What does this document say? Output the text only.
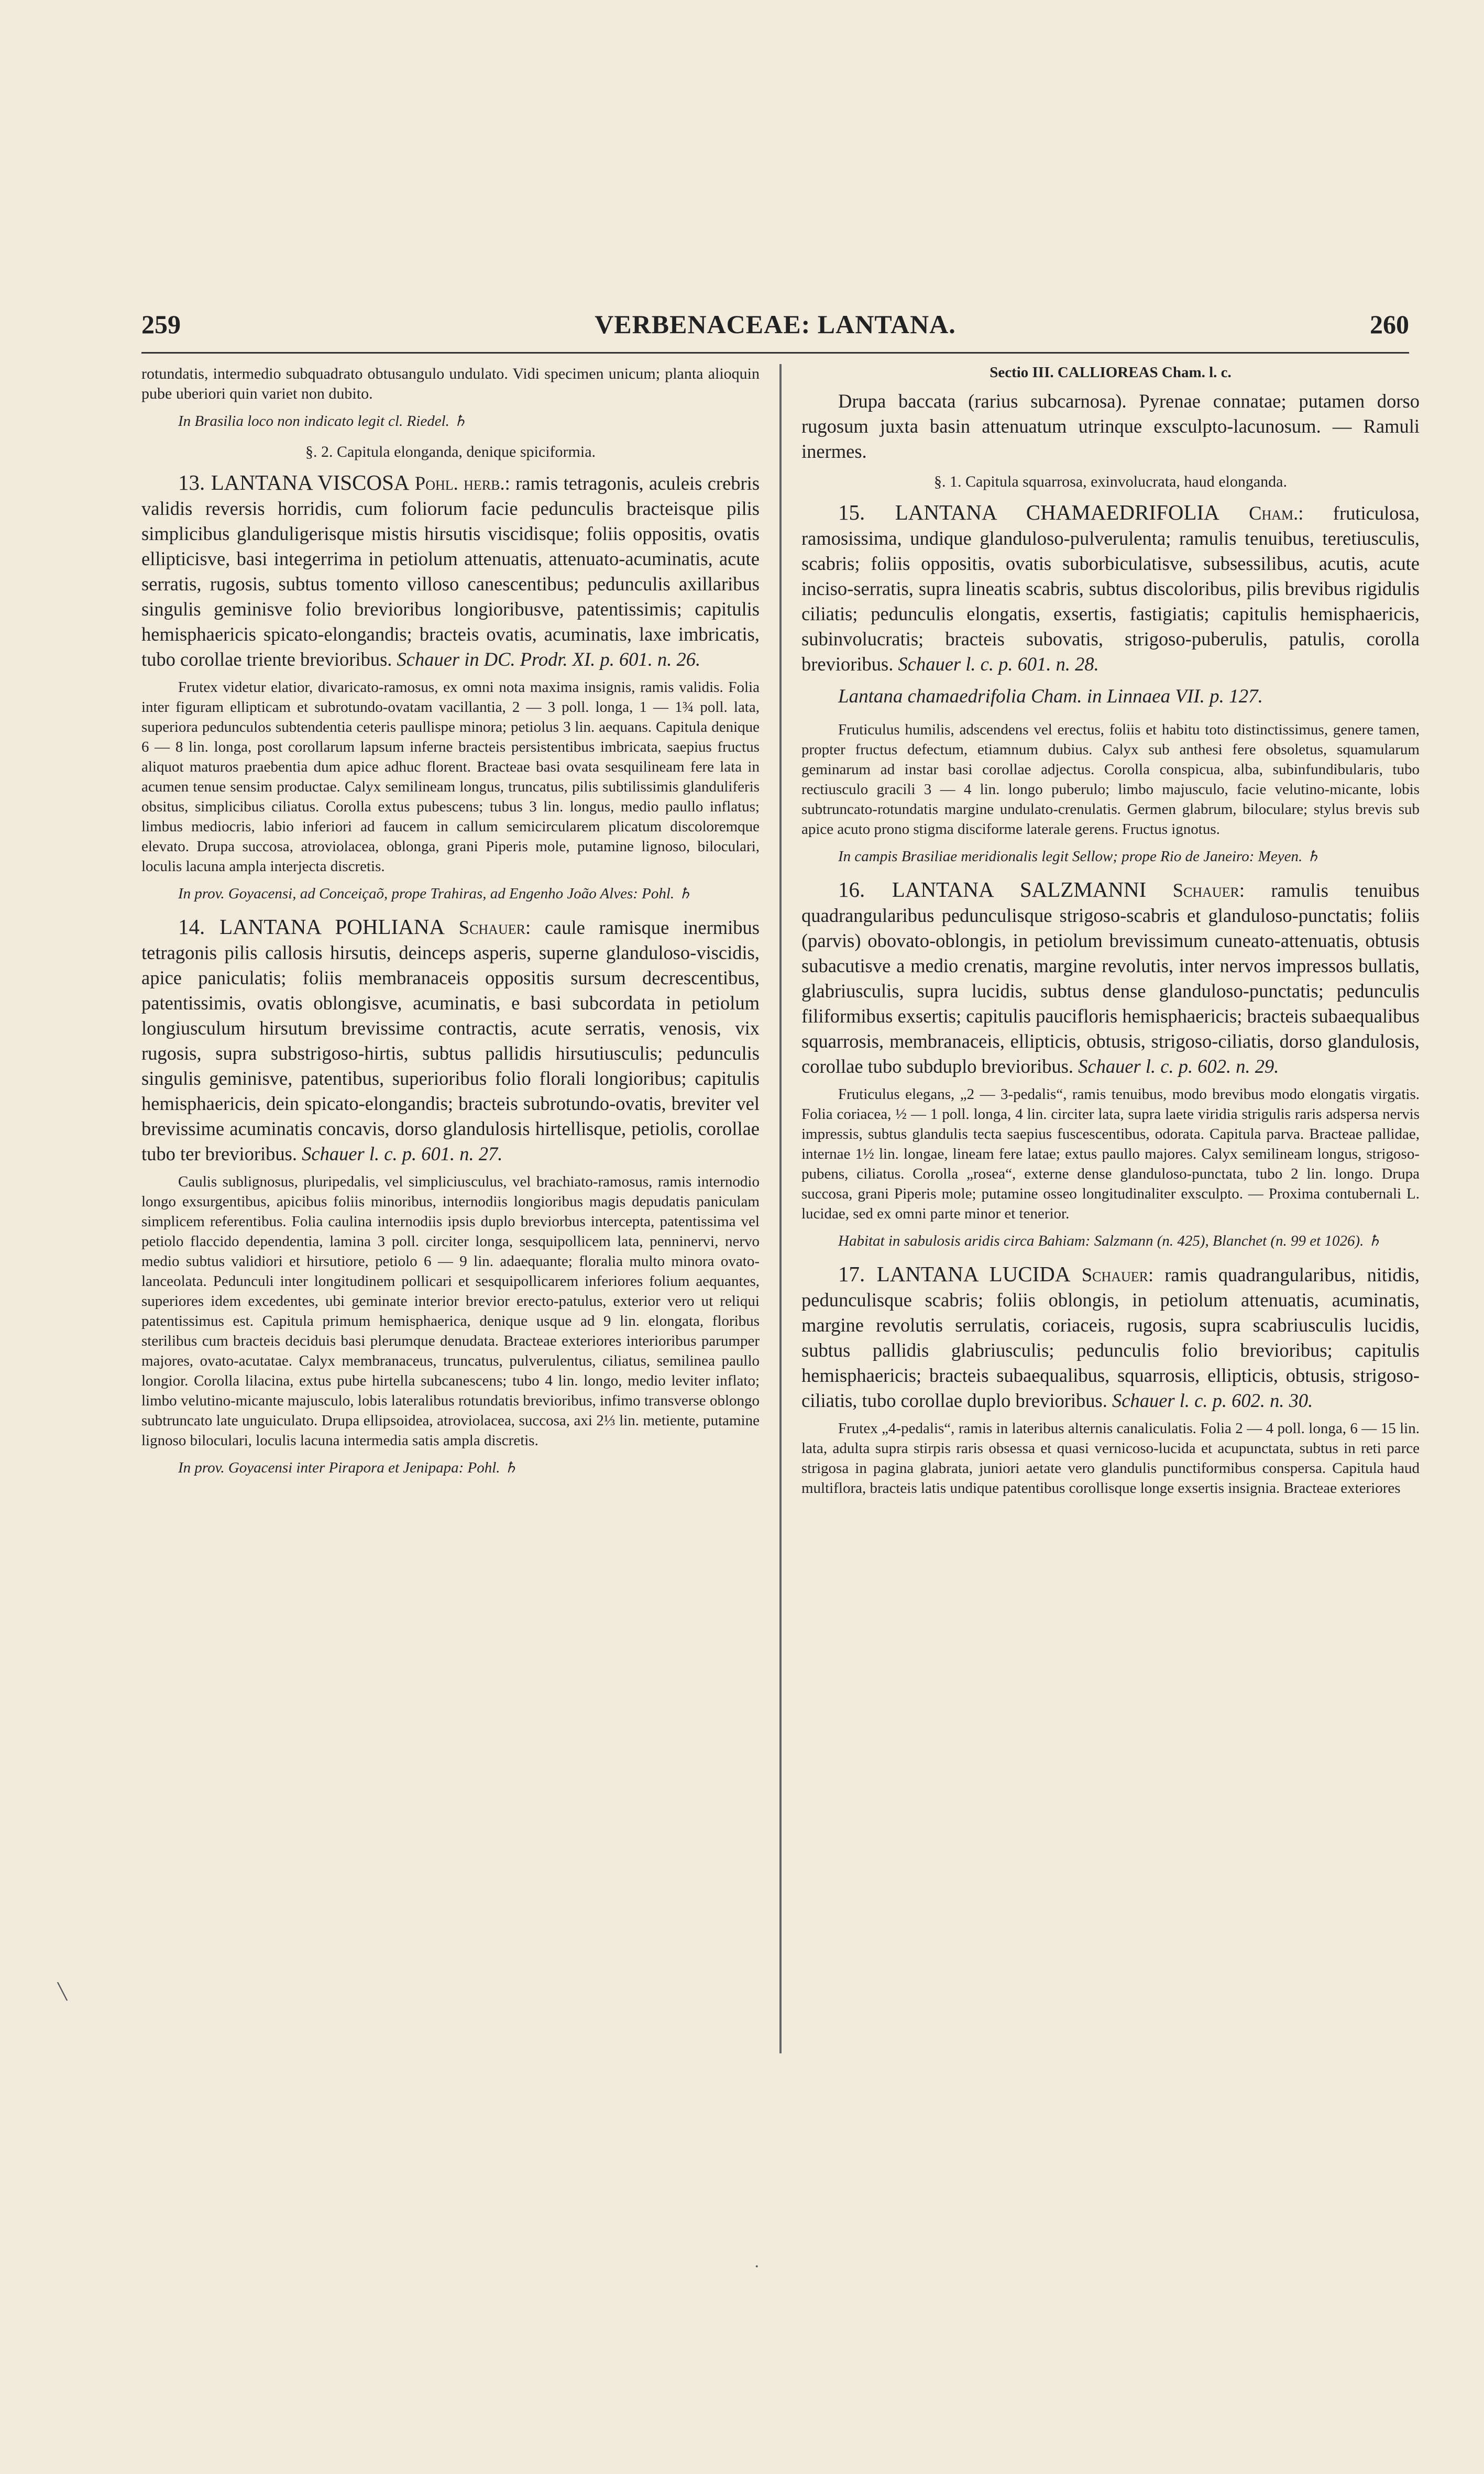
259	VERBENACEAE: LANTANA.	260

rotundatis, intermedio subquadrato obtusangulo undulato. Vidi specimen unicum; planta alioquin pube uberiori quin variet non dubito.

In Brasilia loco non indicato legit cl. Riedel. ♄

§. 2. Capitula elonganda, denique spiciformia.

13. LANTANA VISCOSA Pohl. herb.: ramis tetragonis, aculeis crebris validis reversis horridis, cum foliorum facie pedunculis bracteisque pilis simplicibus glanduligerisque mistis hirsutis viscidisque; foliis oppositis, ovatis ellipticisve, basi integerrima in petiolum attenuatis, attenuato-acuminatis, acute serratis, rugosis, subtus tomento villoso canescentibus; pedunculis axillaribus singulis geminisve folio brevioribus longioribusve, patentissimis; capitulis hemisphaericis spicato-elongandis; bracteis ovatis, acuminatis, laxe imbricatis, tubo corollae triente brevioribus. Schauer in DC. Prodr. XI. p. 601. n. 26.

Frutex videtur elatior, divaricato-ramosus, ex omni nota maxima insignis, ramis validis. Folia inter figuram ellipticam et subrotundo-ovatam vacillantia, 2 — 3 poll. longa, 1 — 1¾ poll. lata, superiora pedunculos subtendentia ceteris paullispe minora; petiolus 3 lin. aequans. Capitula denique 6 — 8 lin. longa, post corollarum lapsum inferne bracteis persistentibus imbricata, saepius fructus aliquot maturos praebentia dum apice adhuc florent. Bracteae basi ovata sesquilineam fere lata in acumen tenue sensim productae. Calyx semilineam longus, truncatus, pilis subtilissimis glanduliferis obsitus, simplicibus ciliatus. Corolla extus pubescens; tubus 3 lin. longus, medio paullo inflatus; limbus mediocris, labio inferiori ad faucem in callum semicircularem plicatum discoloremque elevato. Drupa succosa, atroviolacea, oblonga, grani Piperis mole, putamine lignoso, biloculari, loculis lacuna ampla interjecta discretis.

In prov. Goyacensi, ad Conceiçaõ, prope Trahiras, ad Engenho João Alves: Pohl. ♄

14. LANTANA POHLIANA Schauer: caule ramisque inermibus tetragonis pilis callosis hirsutis, deinceps asperis, superne glanduloso-viscidis, apice paniculatis; foliis membranaceis oppositis sursum decrescentibus, patentissimis, ovatis oblongisve, acuminatis, e basi subcordata in petiolum longiusculum hirsutum brevissime contractis, acute serratis, venosis, vix rugosis, supra substrigoso-hirtis, subtus pallidis hirsutiusculis; pedunculis singulis geminisve, patentibus, superioribus folio florali longioribus; capitulis hemisphaericis, dein spicato-elongandis; bracteis subrotundo-ovatis, breviter vel brevissime acuminatis concavis, dorso glandulosis hirtellisque, petiolis, corollae tubo ter brevioribus. Schauer l. c. p. 601. n. 27.

Caulis sublignosus, pluripedalis, vel simpliciusculus, vel brachiato-ramosus, ramis internodio longo exsurgentibus, apicibus foliis minoribus, internodiis longioribus magis depudatis paniculam simplicem referentibus. Folia caulina internodiis ipsis duplo breviorbus intercepta, patentissima vel petiolo flaccido dependentia, lamina 3 poll. circiter longa, sesquipollicem lata, penninervi, nervo medio subtus validiori et hirsutiore, petiolo 6 — 9 lin. adaequante; floralia multo minora ovato-lanceolata. Pedunculi inter longitudinem pollicari et sesquipollicarem inferiores folium aequantes, superiores idem excedentes, ubi geminate interior brevior erecto-patulus, exterior vero ut reliqui patentissimus est. Capitula primum hemisphaerica, denique usque ad 9 lin. elongata, floribus sterilibus cum bracteis deciduis basi plerumque denudata. Bracteae exteriores interioribus parumper majores, ovato-acutatae. Calyx membranaceus, truncatus, pulverulentus, ciliatus, semilinea paullo longior. Corolla lilacina, extus pube hirtella subcanescens; tubo 4 lin. longo, medio leviter inflato; limbo velutino-micante majusculo, lobis lateralibus rotundatis brevioribus, infimo transverse oblongo subtruncato late unguiculato. Drupa ellipsoidea, atroviolacea, succosa, axi 2⅓ lin. metiente, putamine lignoso biloculari, loculis lacuna intermedia satis ampla discretis.

In prov. Goyacensi inter Pirapora et Jenipapa: Pohl. ♄

Sectio III. CALLIOREAS Cham. l. c.

Drupa baccata (rarius subcarnosa). Pyrenae connatae; putamen dorso rugosum juxta basin attenuatum utrinque exsculpto-lacunosum. — Ramuli inermes.

§. 1. Capitula squarrosa, exinvolucrata, haud elonganda.

15. LANTANA CHAMAEDRIFOLIA Cham.: fruticulosa, ramosissima, undique glanduloso-pulverulenta; ramulis tenuibus, teretiusculis, scabris; foliis oppositis, ovatis suborbiculatisve, subsessilibus, acutis, acute inciso-serratis, supra lineatis scabris, subtus discoloribus, pilis brevibus rigidulis ciliatis; pedunculis elongatis, exsertis, fastigiatis; capitulis hemisphaericis, subinvolucratis; bracteis subovatis, strigoso-puberulis, patulis, corolla brevioribus. Schauer l. c. p. 601. n. 28.

Lantana chamaedrifolia Cham. in Linnaea VII. p. 127.

Fruticulus humilis, adscendens vel erectus, foliis et habitu toto distinctissimus, genere tamen, propter fructus defectum, etiamnum dubius. Calyx sub anthesi fere obsoletus, squamularum geminarum ad instar basi corollae adjectus. Corolla conspicua, alba, subinfundibularis, tubo rectiusculo gracili 3 — 4 lin. longo puberulo; limbo majusculo, facie velutino-micante, lobis subtruncato-rotundatis margine undulato-crenulatis. Germen glabrum, biloculare; stylus brevis sub apice acuto prono stigma disciforme laterale gerens. Fructus ignotus.

In campis Brasiliae meridionalis legit Sellow; prope Rio de Janeiro: Meyen. ♄

16. LANTANA SALZMANNI Schauer: ramulis tenuibus quadrangularibus pedunculisque strigoso-scabris et glanduloso-punctatis; foliis (parvis) obovato-oblongis, in petiolum brevissimum cuneato-attenuatis, obtusis subacutisve a medio crenatis, margine revolutis, inter nervos impressos bullatis, glabriusculis, supra lucidis, subtus dense glanduloso-punctatis; pedunculis filiformibus exsertis; capitulis paucifloris hemisphaericis; bracteis subaequalibus squarrosis, membranaceis, ellipticis, obtusis, strigoso-ciliatis, dorso glandulosis, corollae tubo subduplo brevioribus. Schauer l. c. p. 602. n. 29.

Fruticulus elegans, „2 — 3-pedalis“, ramis tenuibus, modo brevibus modo elongatis virgatis. Folia coriacea, ½ — 1 poll. longa, 4 lin. circiter lata, supra laete viridia strigulis raris adspersa nervis impressis, subtus glandulis tecta saepius fuscescentibus, odorata. Capitula parva. Bracteae pallidae, internae 1½ lin. longae, lineam fere latae; extus paullo majores. Calyx semilineam longus, strigoso-pubens, ciliatus. Corolla „rosea“, externe dense glanduloso-punctata, tubo 2 lin. longo. Drupa succosa, grani Piperis mole; putamine osseo longitudinaliter exsculpto. — Proxima contubernali L. lucidae, sed ex omni parte minor et tenerior.

Habitat in sabulosis aridis circa Bahiam: Salzmann (n. 425), Blanchet (n. 99 et 1026). ♄

17. LANTANA LUCIDA Schauer: ramis quadrangularibus, nitidis, pedunculisque scabris; foliis oblongis, in petiolum attenuatis, acuminatis, margine revolutis serrulatis, coriaceis, rugosis, supra scabriusculis lucidis, subtus pallidis glabriusculis; pedunculis folio brevioribus; capitulis hemisphaericis; bracteis subaequalibus, squarrosis, ellipticis, obtusis, strigoso-ciliatis, tubo corollae duplo brevioribus. Schauer l. c. p. 602. n. 30.

Frutex „4-pedalis“, ramis in lateribus alternis canaliculatis. Folia 2 — 4 poll. longa, 6 — 15 lin. lata, adulta supra stirpis raris obsessa et quasi vernicoso-lucida et acupunctata, subtus in reti parce strigosa in pagina glabrata, juniori aetate vero glandulis punctiformibus conspersa. Capitula haud multiflora, bracteis latis undique patentibus corollisque longe exsertis insignia. Bracteae exteriores

╲
·
